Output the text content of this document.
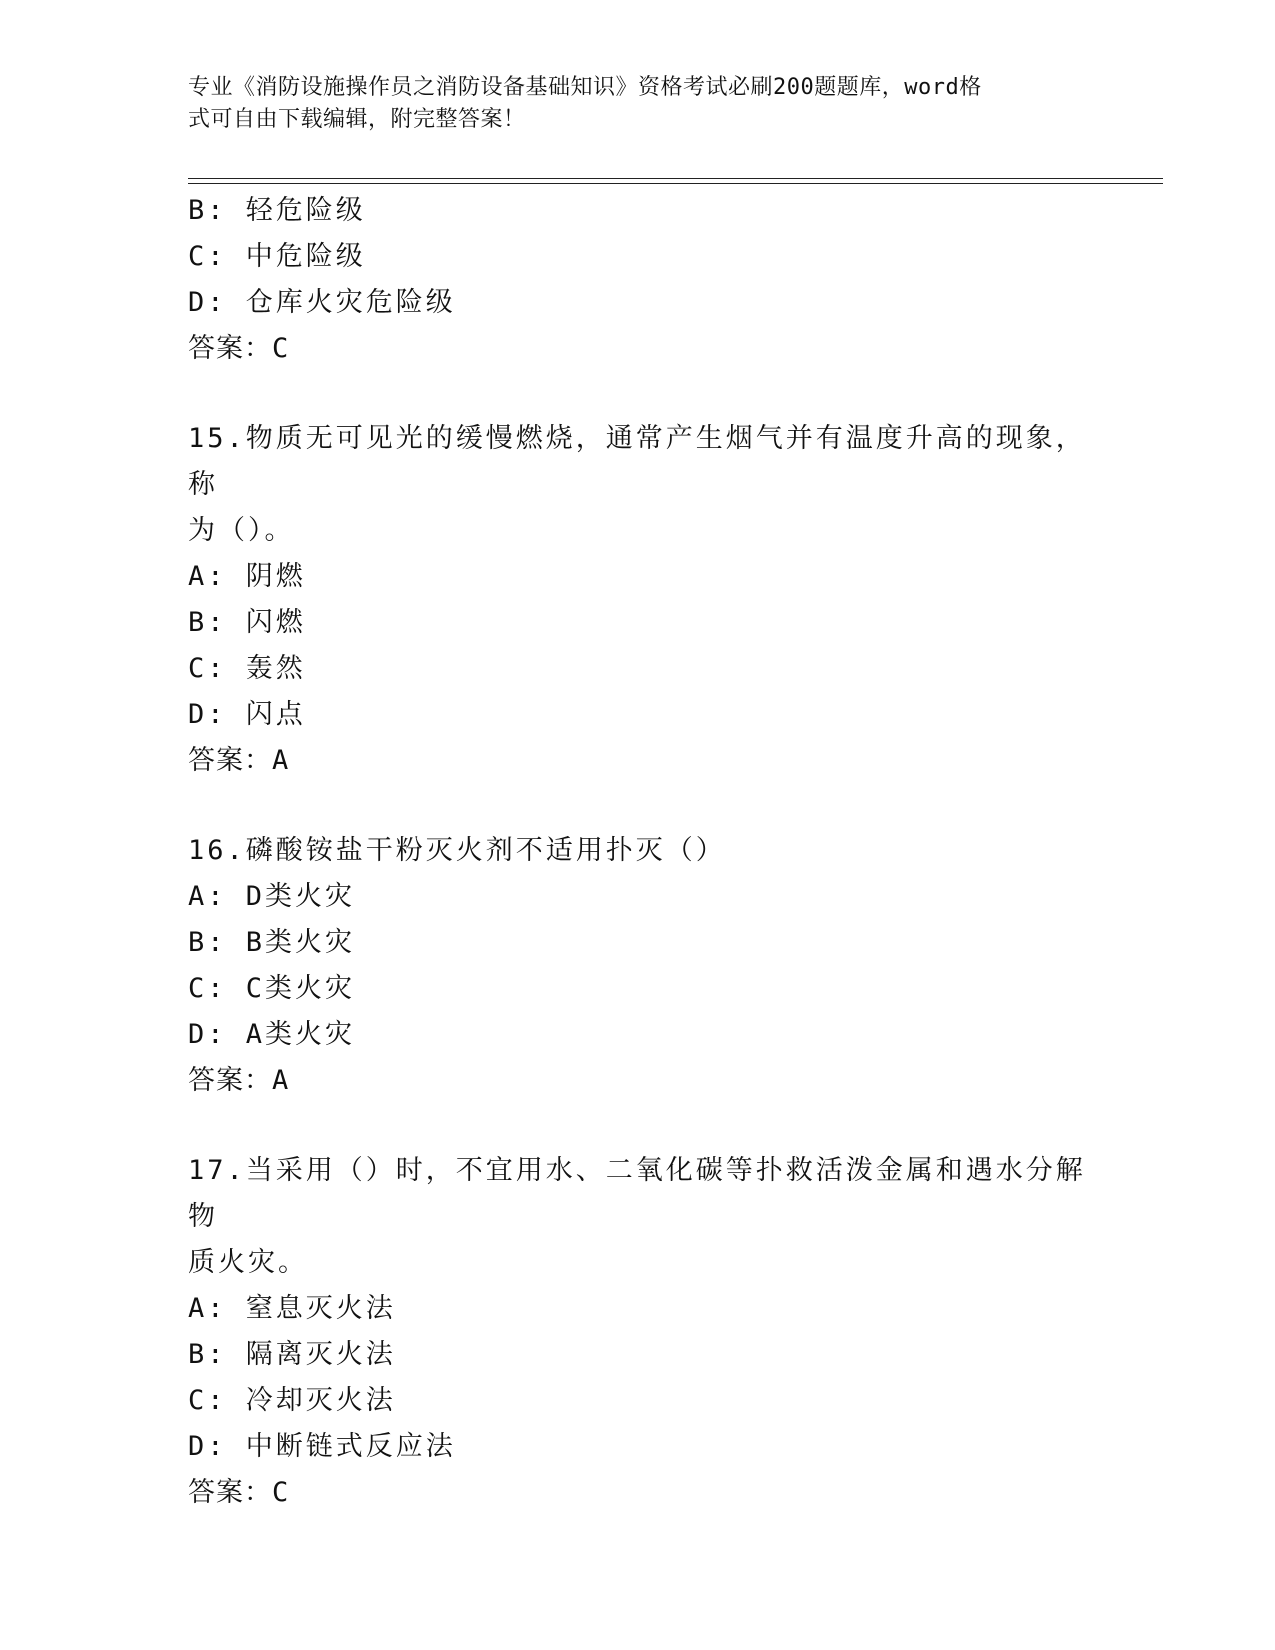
专业《消防设施操作员之消防设备基础知识》资格考试必刷200题题库，word格
式可自由下载编辑，附完整答案！
B: 轻危险级
C: 中危险级
D: 仓库火灾危险级
答案：C
15.物质无可见光的缓慢燃烧，通常产生烟气并有温度升高的现象，称
为（）。
A: 阴燃
B: 闪燃
C: 轰然
D: 闪点
答案：A
16.磷酸铵盐干粉灭火剂不适用扑灭（）
A: D类火灾
B: B类火灾
C: C类火灾
D: A类火灾
答案：A
17.当采用（）时，不宜用水、二氧化碳等扑救活泼金属和遇水分解物
质火灾。
A: 窒息灭火法
B: 隔离灭火法
C: 冷却灭火法
D: 中断链式反应法
答案：C
